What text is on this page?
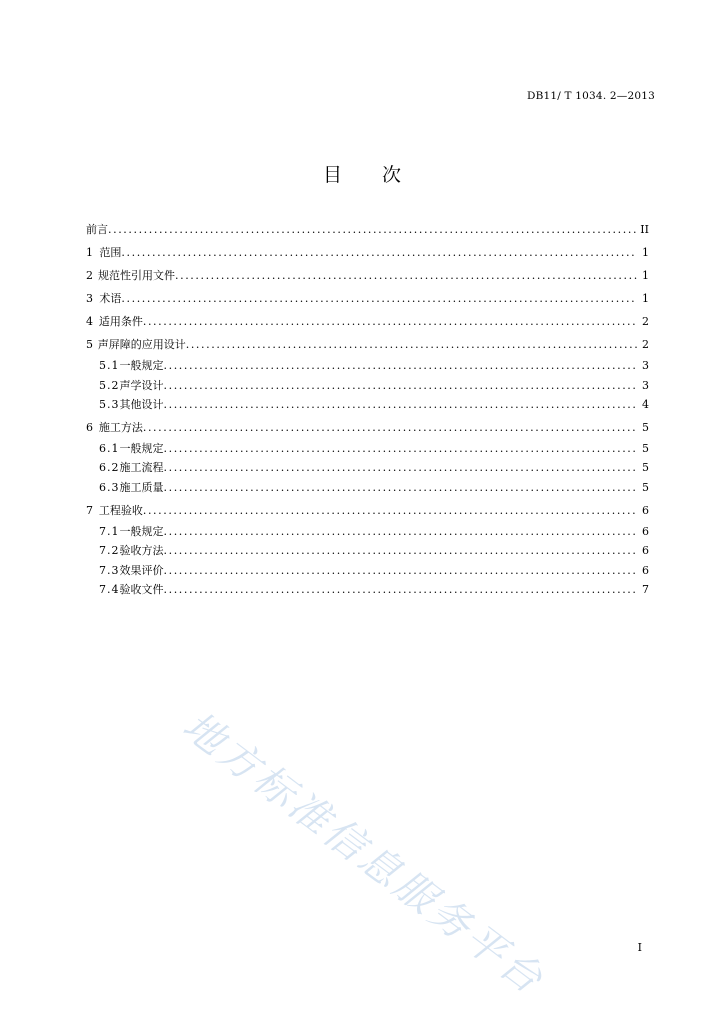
DB11/ T 1034. 2—2013
目 次
前言 .....	II
1 范围 .....	1
2 规范性引用文件 .....	1
3 术语 .....	1
4 适用条件 .....	2
5 声屏障的应用设计 .....	2
5.1 一般规定 .....	3
5.2 声学设计 .....	3
5.3 其他设计 .....	4
6 施工方法 .....	5
6.1 一般规定 .....	5
6.2 施工流程 .....	5
6.3 施工质量 .....	5
7 工程验收 .....	6
7.1 一般规定 .....	6
7.2 验收方法 .....	6
7.3 效果评价 .....	6
7.4 验收文件 .....	7
地方标准信息服务平台	I
